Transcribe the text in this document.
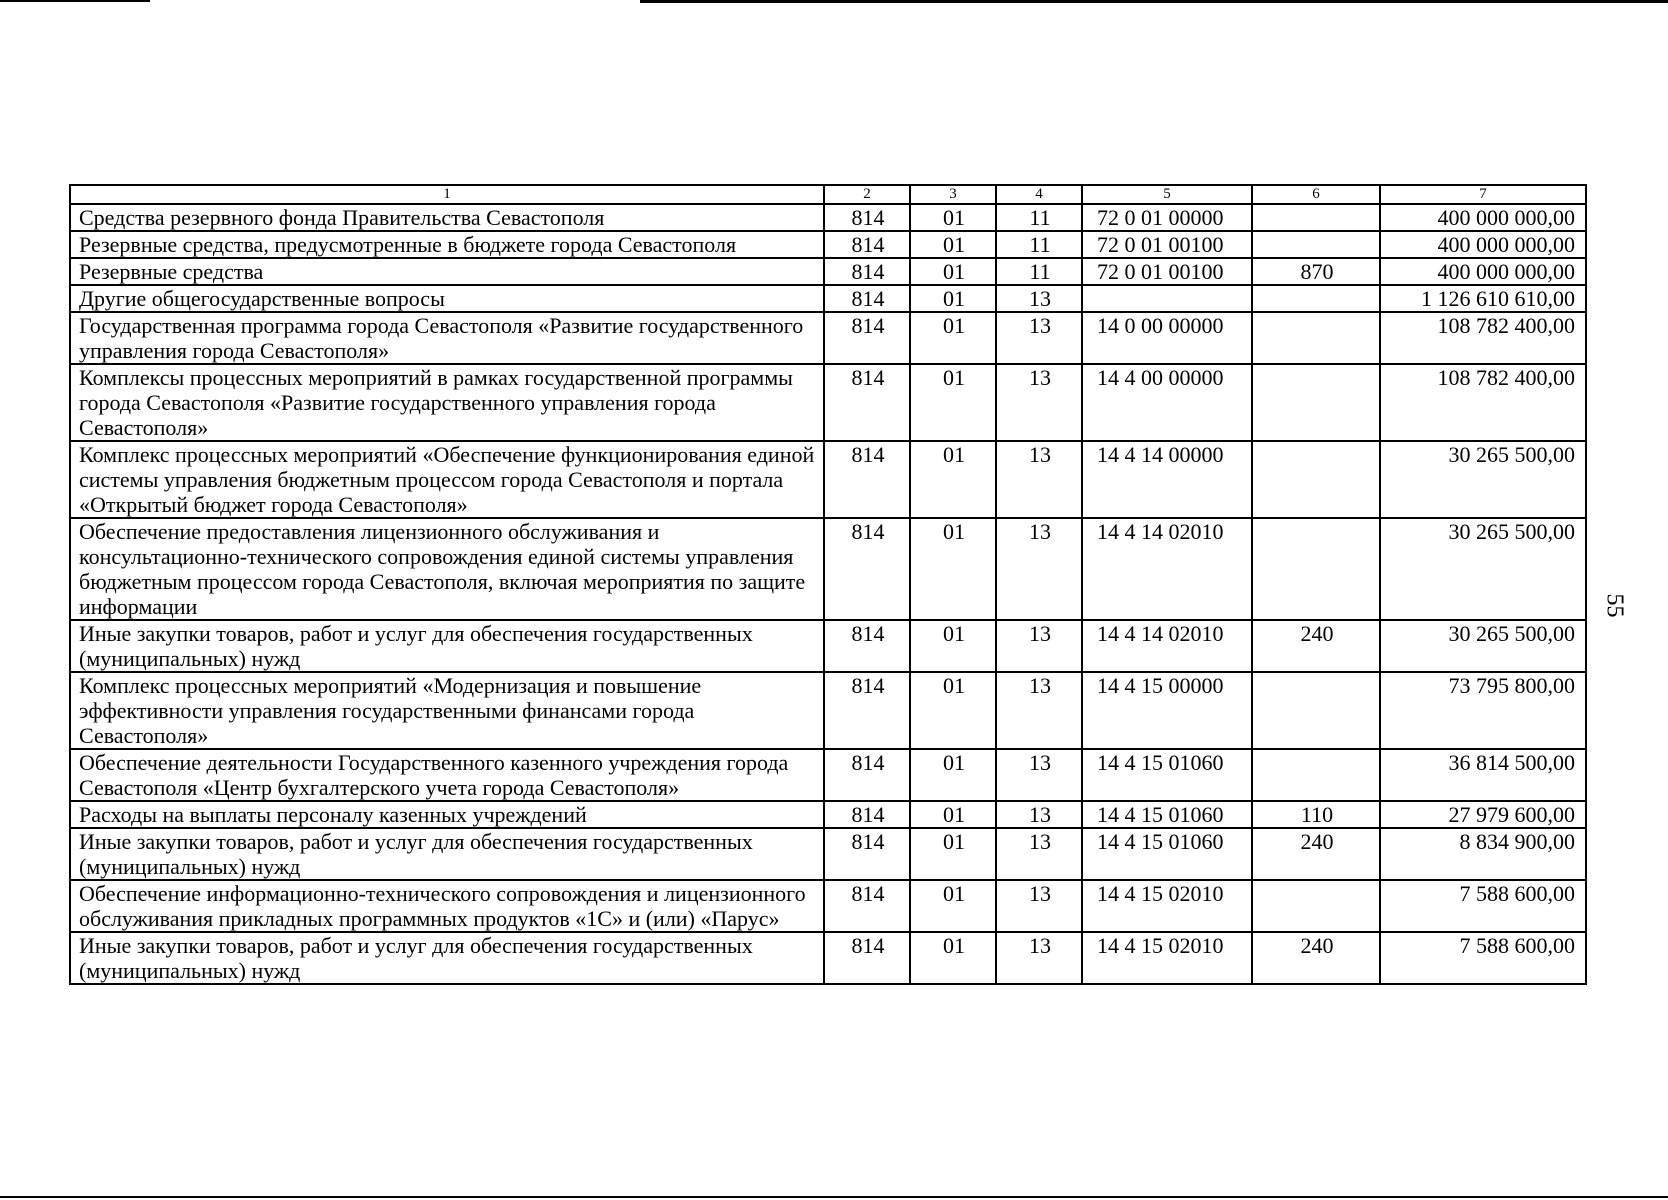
55
1	2	3	4	5	6	7
Средства резервного фонда Правительства Севастополя	814	01	11	72 0 01 00000		400 000 000,00
Резервные средства, предусмотренные в бюджете города Севастополя	814	01	11	72 0 01 00100		400 000 000,00
Резервные средства	814	01	11	72 0 01 00100	870	400 000 000,00
Другие общегосударственные вопросы	814	01	13			1 126 610 610,00
Государственная программа города Севастополя «Развитие государственного управления города Севастополя»	814	01	13	14 0 00 00000		108 782 400,00
Комплексы процессных мероприятий в рамках государственной программы города Севастополя «Развитие государственного управления города Севастополя»	814	01	13	14 4 00 00000		108 782 400,00
Комплекс процессных мероприятий «Обеспечение функционирования единой системы управления бюджетным процессом города Севастополя и портала «Открытый бюджет города Севастополя»	814	01	13	14 4 14 00000		30 265 500,00
Обеспечение предоставления лицензионного обслуживания и консультационно-технического сопровождения единой системы управления бюджетным процессом города Севастополя, включая мероприятия по защите информации	814	01	13	14 4 14 02010		30 265 500,00
Иные закупки товаров, работ и услуг для обеспечения государственных (муниципальных) нужд	814	01	13	14 4 14 02010	240	30 265 500,00
Комплекс процессных мероприятий «Модернизация и повышение эффективности управления государственными финансами города Севастополя»	814	01	13	14 4 15 00000		73 795 800,00
Обеспечение деятельности Государственного казенного учреждения города Севастополя «Центр бухгалтерского учета города Севастополя»	814	01	13	14 4 15 01060		36 814 500,00
Расходы на выплаты персоналу казенных учреждений	814	01	13	14 4 15 01060	110	27 979 600,00
Иные закупки товаров, работ и услуг для обеспечения государственных (муниципальных) нужд	814	01	13	14 4 15 01060	240	8 834 900,00
Обеспечение информационно-технического сопровождения и лицензионного обслуживания прикладных программных продуктов «1С» и (или) «Парус»	814	01	13	14 4 15 02010		7 588 600,00
Иные закупки товаров, работ и услуг для обеспечения государственных (муниципальных) нужд	814	01	13	14 4 15 02010	240	7 588 600,00
